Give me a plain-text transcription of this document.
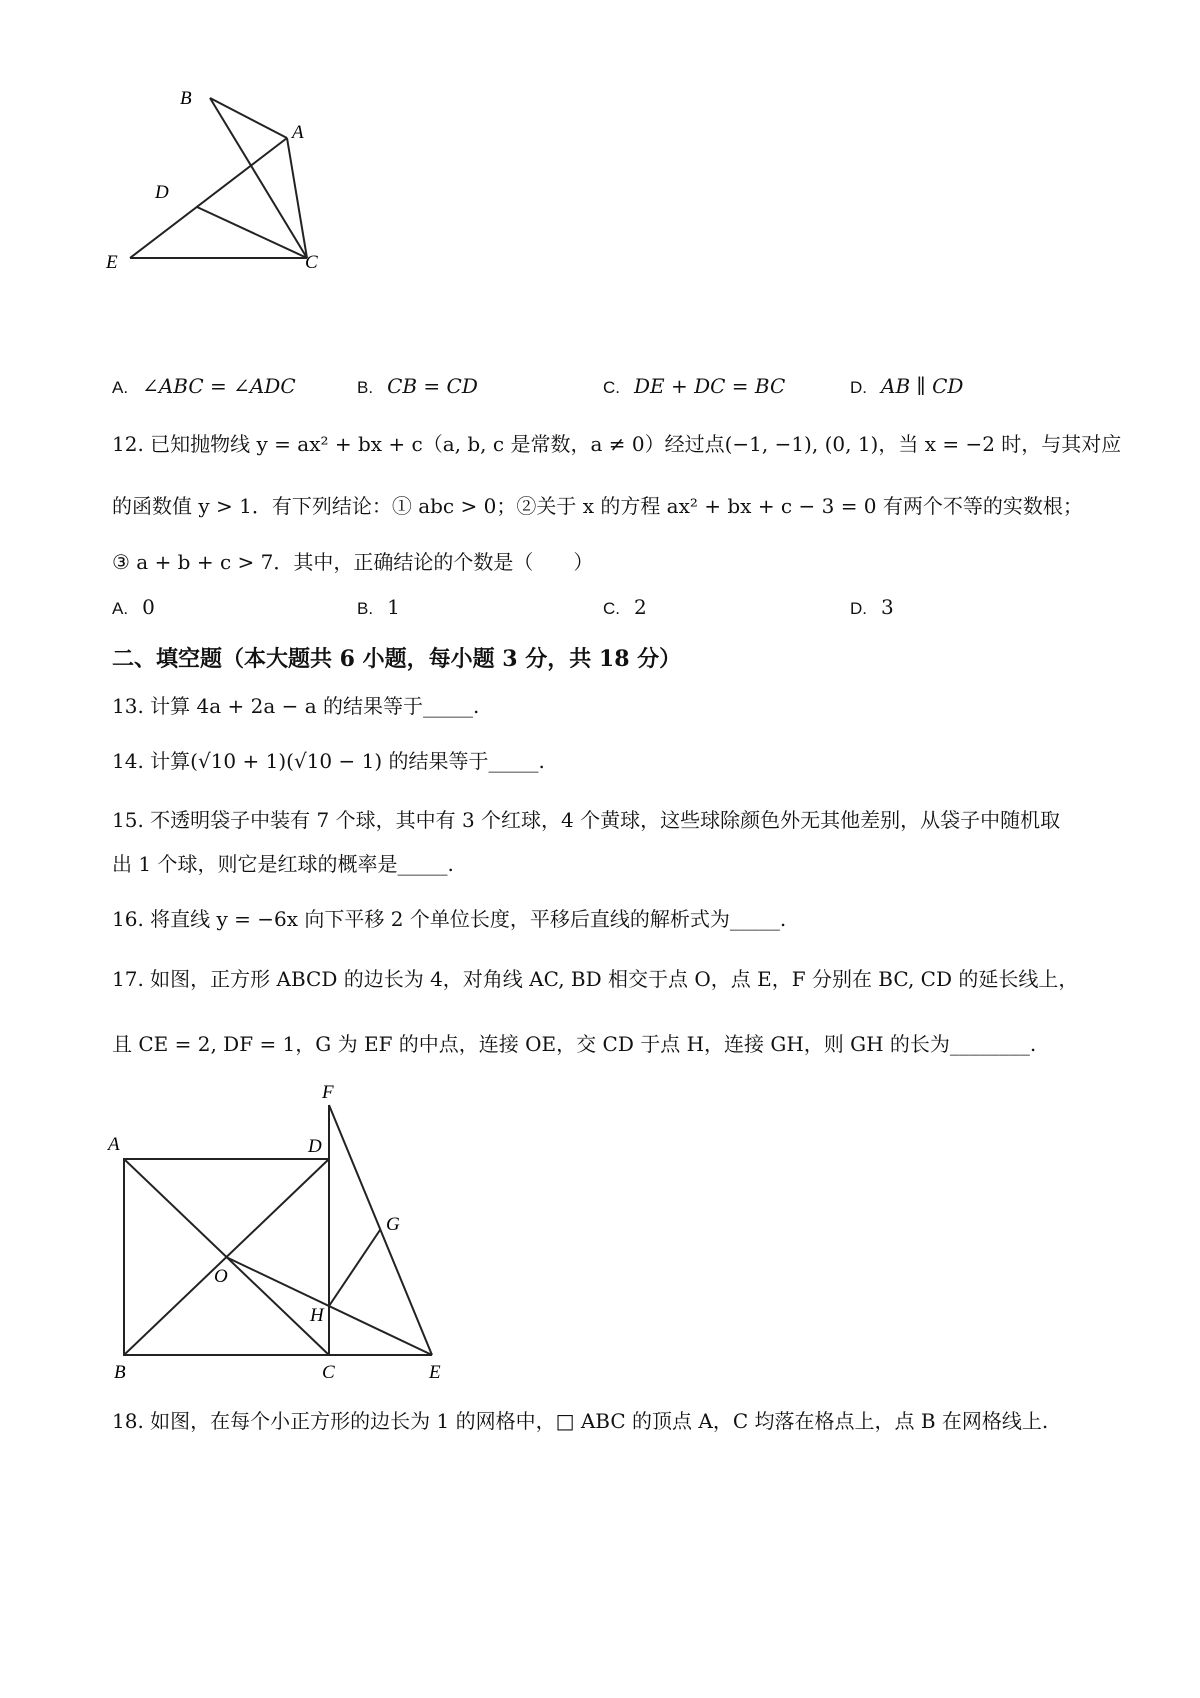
B
A
D
E	C
A. ∠ABC = ∠ADC	B. CB = CD	C. DE + DC = BC	D. AB ∥ CD
12. 已知抛物线 y = ax² + bx + c（a, b, c 是常数，a ≠ 0）经过点(−1, −1), (0, 1)，当 x = −2 时，与其对应
的函数值 y > 1．有下列结论：① abc > 0；②关于 x 的方程 ax² + bx + c − 3 = 0 有两个不等的实数根；
③ a + b + c > 7．其中，正确结论的个数是（　　）
A. 0	B. 1	C. 2	D. 3
二、填空题（本大题共 6 小题，每小题 3 分，共 18 分）
13. 计算 4a + 2a − a 的结果等于_____.
14. 计算(√10 + 1)(√10 − 1) 的结果等于_____.
15. 不透明袋子中装有 7 个球，其中有 3 个红球，4 个黄球，这些球除颜色外无其他差别，从袋子中随机取
出 1 个球，则它是红球的概率是_____.
16. 将直线 y = −6x 向下平移 2 个单位长度，平移后直线的解析式为_____.
17. 如图，正方形 ABCD 的边长为 4，对角线 AC, BD 相交于点 O，点 E，F 分别在 BC, CD 的延长线上，
且 CE = 2, DF = 1，G 为 EF 的中点，连接 OE，交 CD 于点 H，连接 GH，则 GH 的长为________.
F
A	D
G
O
H
B	C	E
18. 如图，在每个小正方形的边长为 1 的网格中，□ ABC 的顶点 A，C 均落在格点上，点 B 在网格线上.
